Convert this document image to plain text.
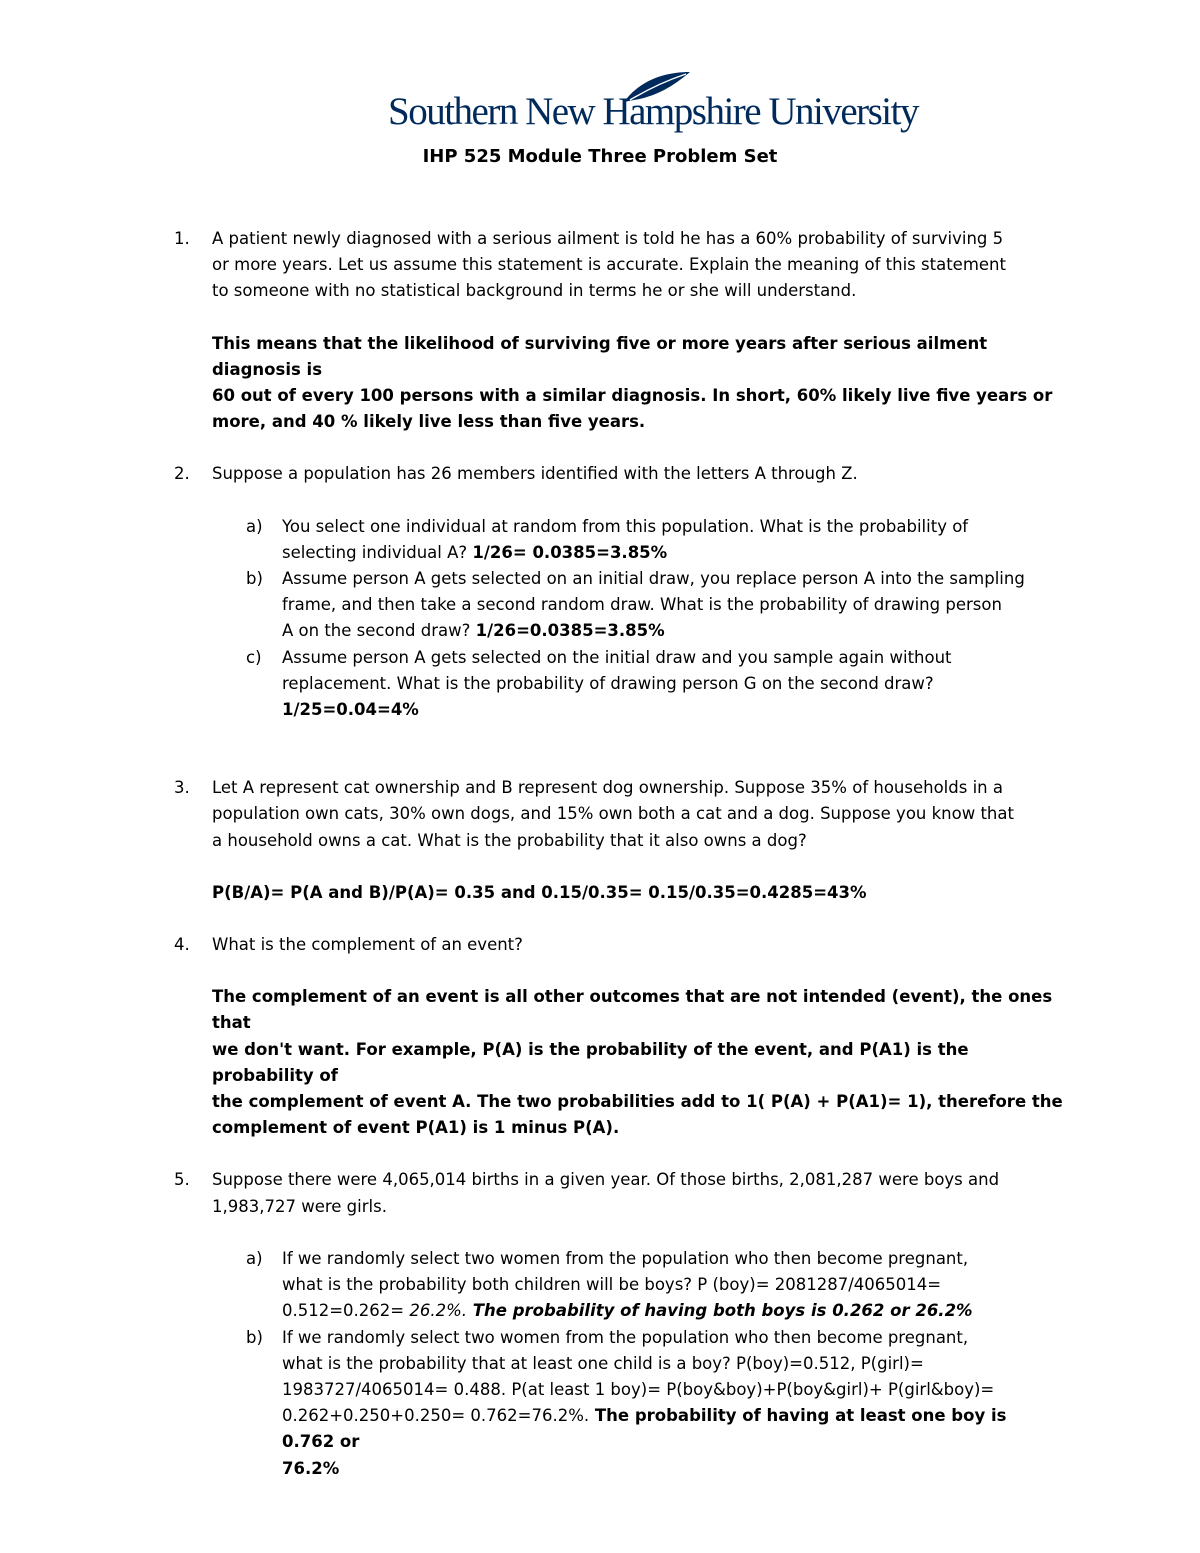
Southern New Hampshire University
IHP 525 Module Three Problem Set
1. A patient newly diagnosed with a serious ailment is told he has a 60% probability of surviving 5
or more years. Let us assume this statement is accurate. Explain the meaning of this statement
to someone with no statistical background in terms he or she will understand.

This means that the likelihood of surviving five or more years after serious ailment diagnosis is
60 out of every 100 persons with a similar diagnosis. In short, 60% likely live five years or
more, and 40 % likely live less than five years.

2. Suppose a population has 26 members identified with the letters A through Z.

a) You select one individual at random from this population. What is the probability of
selecting individual A? 1/26= 0.0385=3.85%

b) Assume person A gets selected on an initial draw, you replace person A into the sampling
frame, and then take a second random draw. What is the probability of drawing person
A on the second draw? 1/26=0.0385=3.85%

c) Assume person A gets selected on the initial draw and you sample again without
replacement. What is the probability of drawing person G on the second draw?
1/25=0.04=4%

3. Let A represent cat ownership and B represent dog ownership. Suppose 35% of households in a
population own cats, 30% own dogs, and 15% own both a cat and a dog. Suppose you know that
a household owns a cat. What is the probability that it also owns a dog?

P(B/A)= P(A and B)/P(A)= 0.35 and 0.15/0.35= 0.15/0.35=0.4285=43%

4. What is the complement of an event?

The complement of an event is all other outcomes that are not intended (event), the ones that
we don't want. For example, P(A) is the probability of the event, and P(A1) is the probability of
the complement of event A. The two probabilities add to 1( P(A) + P(A1)= 1), therefore the
complement of event P(A1) is 1 minus P(A).

5. Suppose there were 4,065,014 births in a given year. Of those births, 2,081,287 were boys and
1,983,727 were girls.

a) If we randomly select two women from the population who then become pregnant,
what is the probability both children will be boys? P (boy)= 2081287/4065014=
0.512=0.262= 26.2%. The probability of having both boys is 0.262 or 26.2%

b) If we randomly select two women from the population who then become pregnant,
what is the probability that at least one child is a boy? P(boy)=0.512, P(girl)=
1983727/4065014= 0.488. P(at least 1 boy)= P(boy&boy)+P(boy&girl)+ P(girl&boy)=
0.262+0.250+0.250= 0.762=76.2%. The probability of having at least one boy is 0.762 or
76.2%
